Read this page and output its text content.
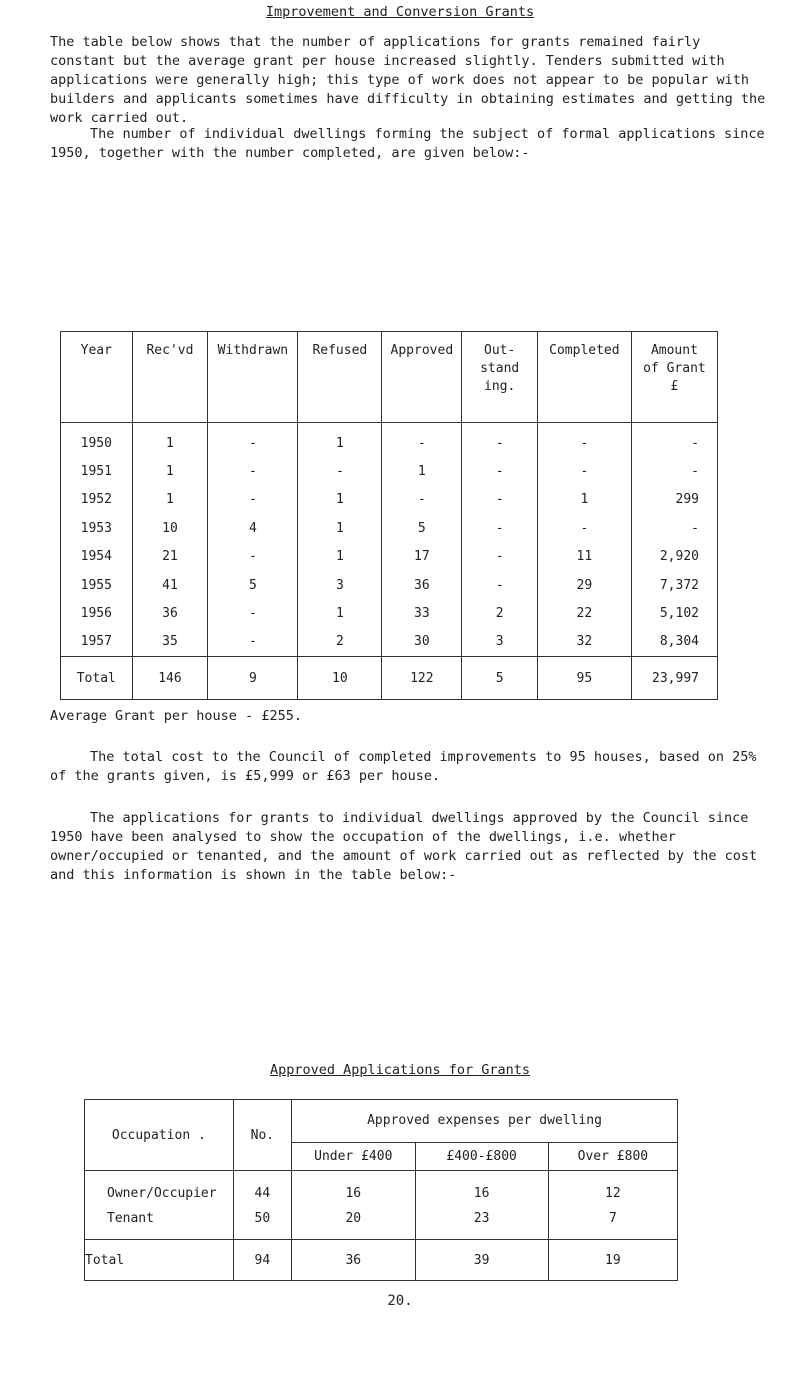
Improvement and Conversion Grants

The table below shows that the number of applications for grants remained fairly constant but the average grant per house increased slightly. Tenders submitted with applications were generally high; this type of work does not appear to be popular with builders and applicants sometimes have difficulty in obtaining estimates and getting the work carried out.

The number of individual dwellings forming the subject of formal applications since 1950, together with the number completed, are given below:-

Year	Rec'vd	Withdrawn	Refused	Approved	Out-
stand
ing.	Completed	Amount
of Grant
£
1950	1	-	1	-	-	-	-
1951	1	-	-	1	-	-	-
1952	1	-	1	-	-	1	299
1953	10	4	1	5	-	-	-
1954	21	-	1	17	-	11	2,920
1955	41	5	3	36	-	29	7,372
1956	36	-	1	33	2	22	5,102
1957	35	-	2	30	3	32	8,304
Total	146	9	10	122	5	95	23,997

Average Grant per house - £255.

The total cost to the Council of completed improvements to 95 houses, based on 25% of the grants given, is £5,999 or £63 per house.

The applications for grants to individual dwellings approved by the Council since 1950 have been analysed to show the occupation of the dwellings, i.e. whether owner/occupied or tenanted, and the amount of work carried out as reflected by the cost and this information is shown in the table below:-

Approved Applications for Grants
Occupation .	No.	Approved expenses per dwelling		
		Under £400	£400-£800	Over £800
Owner/Occupier	44	16	16	12
Tenant	50	20	23	7
Total	94	36	39	19
20.
